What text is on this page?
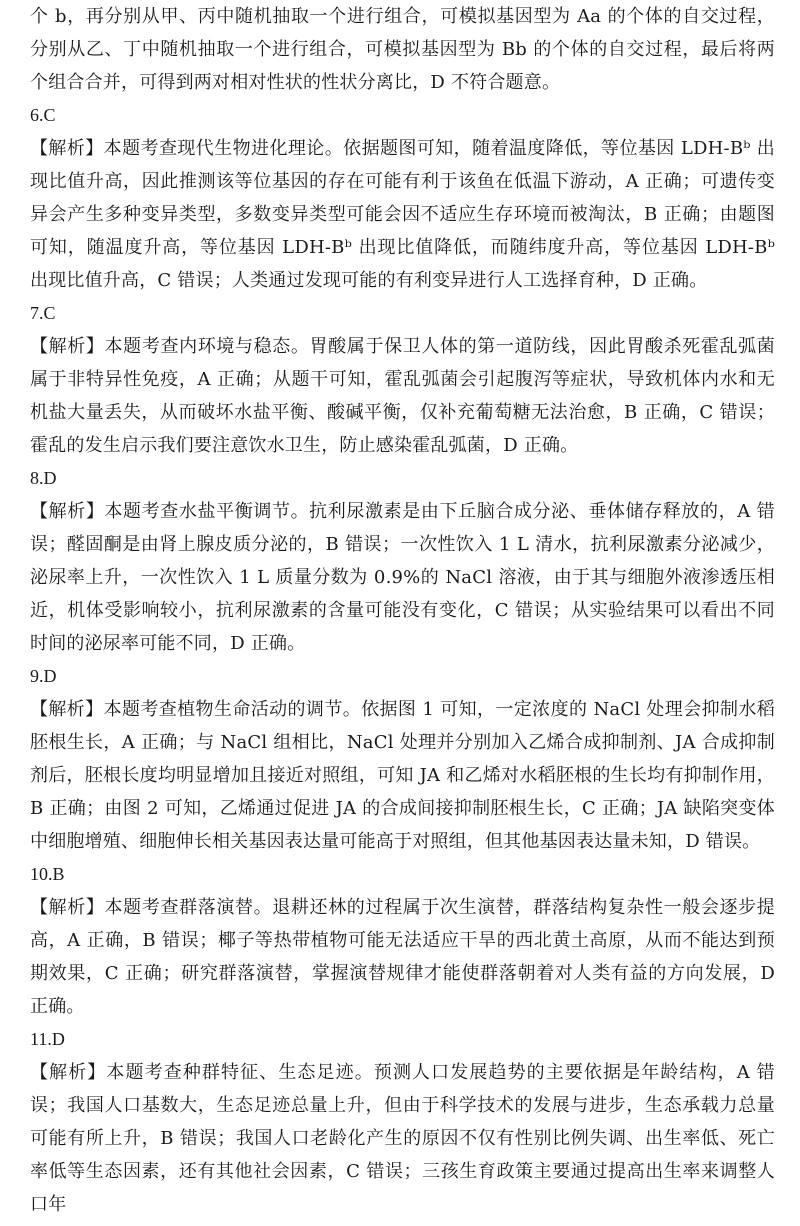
个 b，再分别从甲、丙中随机抽取一个进行组合，可模拟基因型为 Aa 的个体的自交过程，分别从乙、丁中随机抽取一个进行组合，可模拟基因型为 Bb 的个体的自交过程，最后将两个组合合并，可得到两对相对性状的性状分离比，D 不符合题意。

6.C

【解析】本题考查现代生物进化理论。依据题图可知，随着温度降低，等位基因 LDH-Bᵇ 出现比值升高，因此推测该等位基因的存在可能有利于该鱼在低温下游动，A 正确；可遗传变异会产生多种变异类型，多数变异类型可能会因不适应生存环境而被淘汰，B 正确；由题图可知，随温度升高，等位基因 LDH-Bᵇ 出现比值降低，而随纬度升高，等位基因 LDH-Bᵇ 出现比值升高，C 错误；人类通过发现可能的有利变异进行人工选择育种，D 正确。

7.C

【解析】本题考查内环境与稳态。胃酸属于保卫人体的第一道防线，因此胃酸杀死霍乱弧菌属于非特异性免疫，A 正确；从题干可知，霍乱弧菌会引起腹泻等症状，导致机体内水和无机盐大量丢失，从而破坏水盐平衡、酸碱平衡，仅补充葡萄糖无法治愈，B 正确，C 错误；霍乱的发生启示我们要注意饮水卫生，防止感染霍乱弧菌，D 正确。

8.D

【解析】本题考查水盐平衡调节。抗利尿激素是由下丘脑合成分泌、垂体储存释放的，A 错误；醛固酮是由肾上腺皮质分泌的，B 错误；一次性饮入 1 L 清水，抗利尿激素分泌减少，泌尿率上升，一次性饮入 1 L 质量分数为 0.9%的 NaCl 溶液，由于其与细胞外液渗透压相近，机体受影响较小，抗利尿激素的含量可能没有变化，C 错误；从实验结果可以看出不同时间的泌尿率可能不同，D 正确。

9.D

【解析】本题考查植物生命活动的调节。依据图 1 可知，一定浓度的 NaCl 处理会抑制水稻胚根生长，A 正确；与 NaCl 组相比，NaCl 处理并分别加入乙烯合成抑制剂、JA 合成抑制剂后，胚根长度均明显增加且接近对照组，可知 JA 和乙烯对水稻胚根的生长均有抑制作用，B 正确；由图 2 可知，乙烯通过促进 JA 的合成间接抑制胚根生长，C 正确；JA 缺陷突变体中细胞增殖、细胞伸长相关基因表达量可能高于对照组，但其他基因表达量未知，D 错误。

10.B

【解析】本题考查群落演替。退耕还林的过程属于次生演替，群落结构复杂性一般会逐步提高，A 正确，B 错误；椰子等热带植物可能无法适应干旱的西北黄土高原，从而不能达到预期效果，C 正确；研究群落演替，掌握演替规律才能使群落朝着对人类有益的方向发展，D 正确。

11.D

【解析】本题考查种群特征、生态足迹。预测人口发展趋势的主要依据是年龄结构，A 错误；我国人口基数大，生态足迹总量上升，但由于科学技术的发展与进步，生态承载力总量可能有所上升，B 错误；我国人口老龄化产生的原因不仅有性别比例失调、出生率低、死亡率低等生态因素，还有其他社会因素，C 错误；三孩生育政策主要通过提高出生率来调整人口年
